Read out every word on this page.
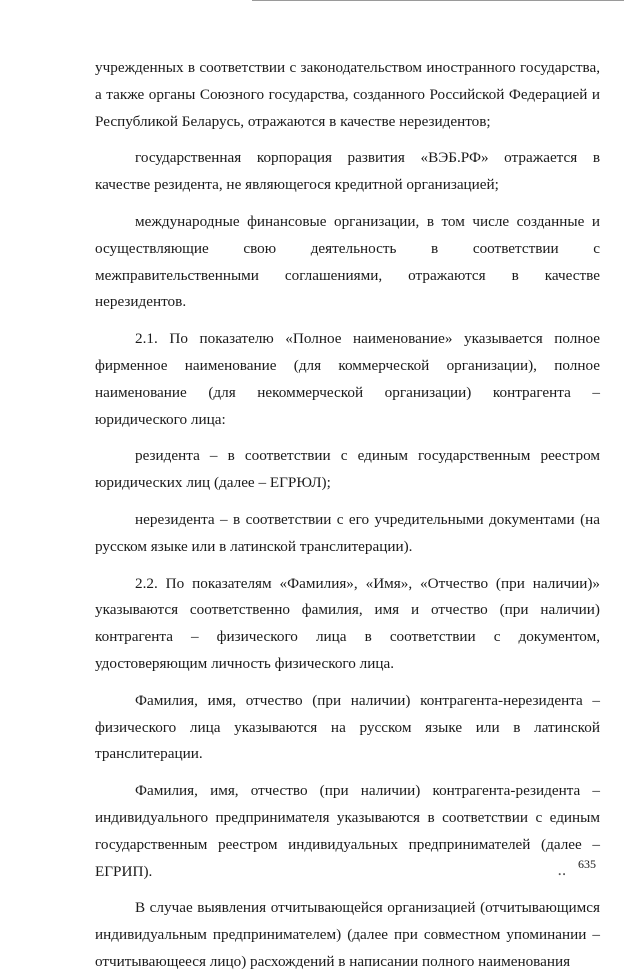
учрежденных в соответствии с законодательством иностранного государства, а также органы Союзного государства, созданного Российской Федерацией и Республикой Беларусь, отражаются в качестве нерезидентов;

государственная корпорация развития «ВЭБ.РФ» отражается в качестве резидента, не являющегося кредитной организацией;

международные финансовые организации, в том числе созданные и осуществляющие свою деятельность в соответствии с межправительственными соглашениями, отражаются в качестве нерезидентов.

2.1. По показателю «Полное наименование» указывается полное фирменное наименование (для коммерческой организации), полное наименование (для некоммерческой организации) контрагента – юридического лица:

резидента – в соответствии с единым государственным реестром юридических лиц (далее – ЕГРЮЛ);

нерезидента – в соответствии с его учредительными документами (на русском языке или в латинской транслитерации).

2.2. По показателям «Фамилия», «Имя», «Отчество (при наличии)» указываются соответственно фамилия, имя и отчество (при наличии) контрагента – физического лица в соответствии с документом, удостоверяющим личность физического лица.

Фамилия, имя, отчество (при наличии) контрагента-нерезидента – физического лица указываются на русском языке или в латинской транслитерации.

Фамилия, имя, отчество (при наличии) контрагента-резидента – индивидуального предпринимателя указываются в соответствии с единым государственным реестром индивидуальных предпринимателей (далее – ЕГРИП).

В случае выявления отчитывающейся организацией (отчитывающимся индивидуальным предпринимателем) (далее при совместном упоминании – отчитывающееся лицо) расхождений в написании полного наименования

ꞏꞏ
635
